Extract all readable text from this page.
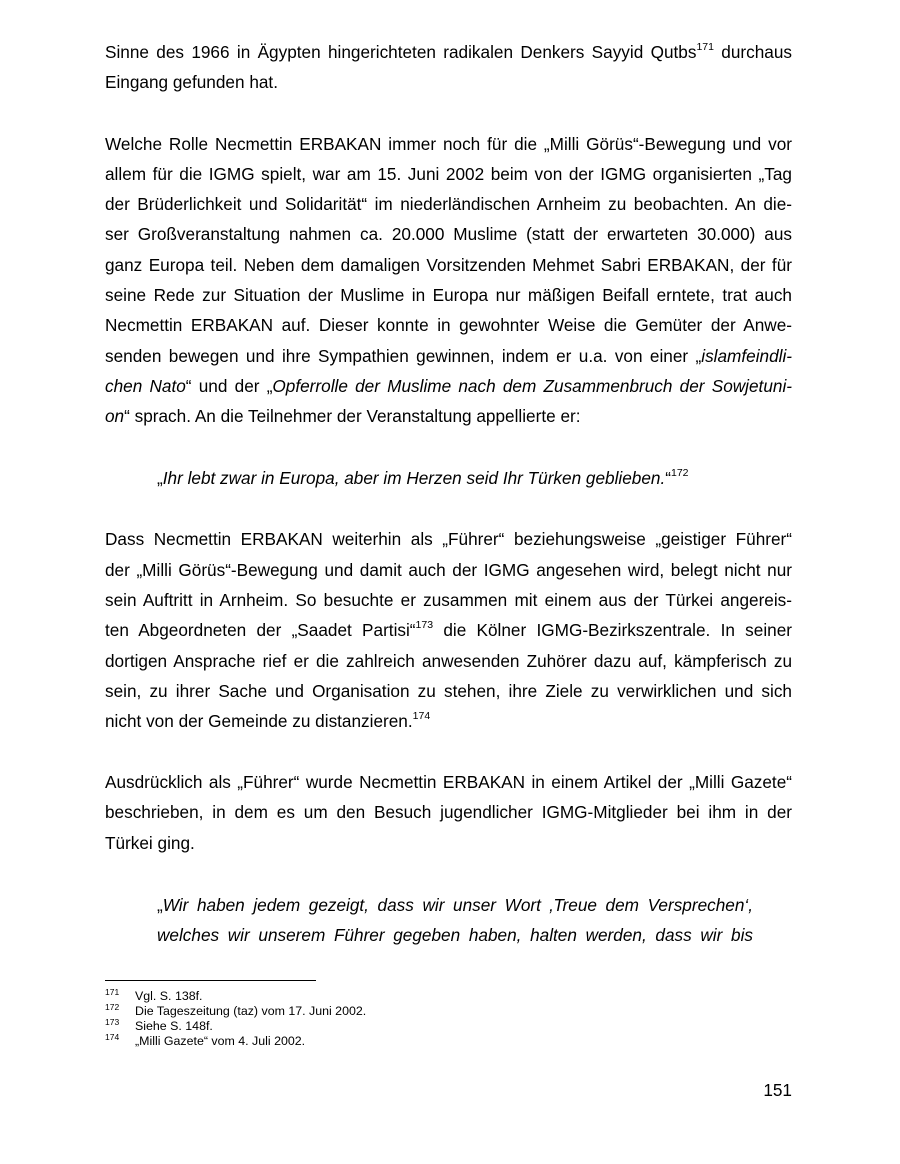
Sinne des 1966 in Ägypten hingerichteten radikalen Denkers Sayyid Qutbs$^{171}$ durchaus
Eingang gefunden hat.
Welche Rolle Necmettin ERBAKAN immer noch für die „Milli Görüs“-Bewegung und vor
allem für die IGMG spielt, war am 15. Juni 2002 beim von der IGMG organisierten „Tag
der Brüderlichkeit und Solidarität“ im niederländischen Arnheim zu beobachten. An die-
ser Großveranstaltung nahmen ca. 20.000 Muslime (statt der erwarteten 30.000) aus
ganz Europa teil. Neben dem damaligen Vorsitzenden Mehmet Sabri ERBAKAN, der für
seine Rede zur Situation der Muslime in Europa nur mäßigen Beifall erntete, trat auch
Necmettin ERBAKAN auf. Dieser konnte in gewohnter Weise die Gemüter der Anwe-
senden bewegen und ihre Sympathien gewinnen, indem er u.a. von einer „islamfeindli-
chen Nato“ und der „Opferrolle der Muslime nach dem Zusammenbruch der Sowjetuni-
on“ sprach. An die Teilnehmer der Veranstaltung appellierte er:
„Ihr lebt zwar in Europa, aber im Herzen seid Ihr Türken geblieben.“$^{172}$
Dass Necmettin ERBAKAN weiterhin als „Führer“ beziehungsweise „geistiger Führer“
der „Milli Görüs“-Bewegung und damit auch der IGMG angesehen wird, belegt nicht nur
sein Auftritt in Arnheim. So besuchte er zusammen mit einem aus der Türkei angereis-
ten Abgeordneten der „Saadet Partisi“$^{173}$ die Kölner IGMG-Bezirkszentrale. In seiner
dortigen Ansprache rief er die zahlreich anwesenden Zuhörer dazu auf, kämpferisch zu
sein, zu ihrer Sache und Organisation zu stehen, ihre Ziele zu verwirklichen und sich
nicht von der Gemeinde zu distanzieren.$^{174}$
Ausdrücklich als „Führer“ wurde Necmettin ERBAKAN in einem Artikel der „Milli Gazete“
beschrieben, in dem es um den Besuch jugendlicher IGMG-Mitglieder bei ihm in der
Türkei ging.
„Wir haben jedem gezeigt, dass wir unser Wort ‚Treue dem Versprechen‘,
welches wir unserem Führer gegeben haben, halten werden, dass wir bis
171 Vgl. S. 138f.
172 Die Tageszeitung (taz) vom 17. Juni 2002.
173 Siehe S. 148f.
174 „Milli Gazete“ vom 4. Juli 2002.
151
